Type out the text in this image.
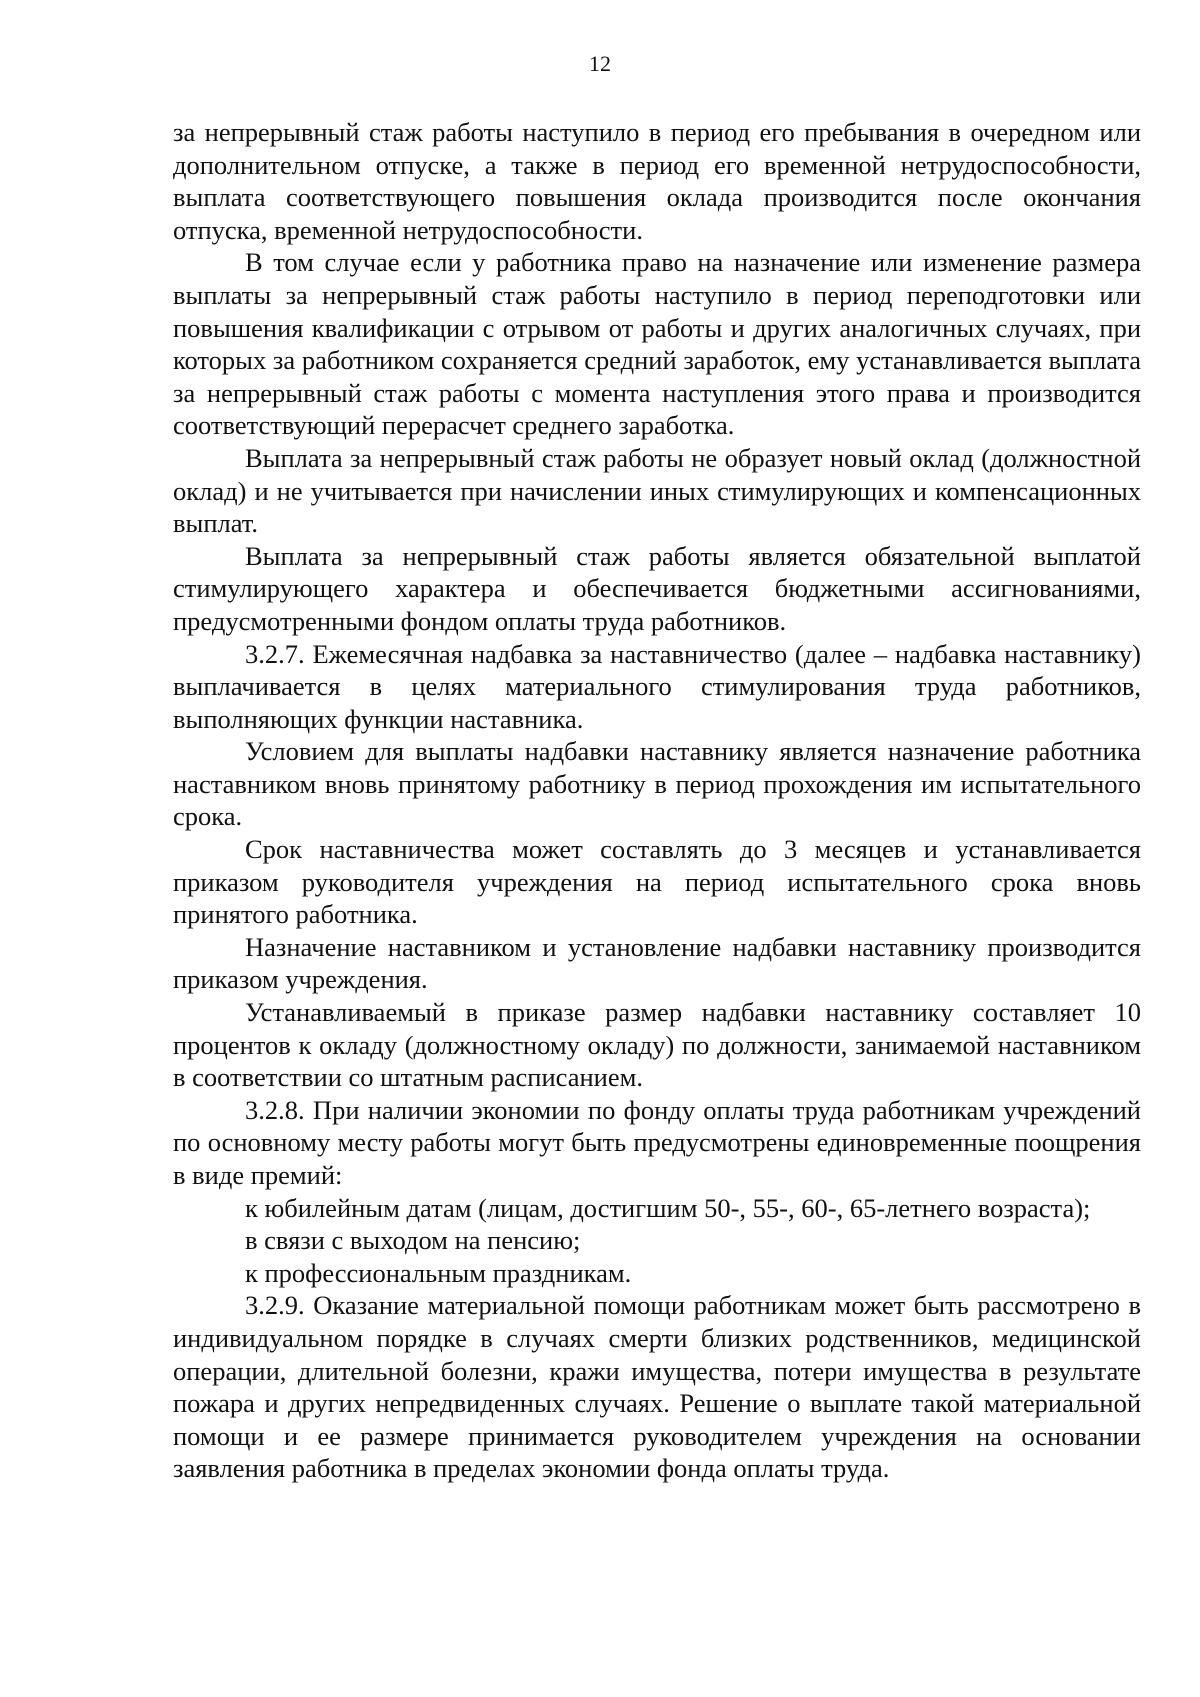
12

за непрерывный стаж работы наступило в период его пребывания в очередном или дополнительном отпуске, а также в период его временной нетрудоспособности, выплата соответствующего повышения оклада производится после окончания отпуска, временной нетрудоспособности.

В том случае если у работника право на назначение или изменение размера выплаты за непрерывный стаж работы наступило в период переподготовки или повышения квалификации с отрывом от работы и других аналогичных случаях, при которых за работником сохраняется средний заработок, ему устанавливается выплата за непрерывный стаж работы с момента наступления этого права и производится соответствующий перерасчет среднего заработка.

Выплата за непрерывный стаж работы не образует новый оклад (должностной оклад) и не учитывается при начислении иных стимулирующих и компенсационных выплат.

Выплата за непрерывный стаж работы является обязательной выплатой стимулирующего характера и обеспечивается бюджетными ассигнованиями, предусмотренными фондом оплаты труда работников.

3.2.7. Ежемесячная надбавка за наставничество (далее – надбавка наставнику) выплачивается в целях материального стимулирования труда работников, выполняющих функции наставника.

Условием для выплаты надбавки наставнику является назначение работника наставником вновь принятому работнику в период прохождения им испытательного срока.

Срок наставничества может составлять до 3 месяцев и устанавливается приказом руководителя учреждения на период испытательного срока вновь принятого работника.

Назначение наставником и установление надбавки наставнику производится приказом учреждения.

Устанавливаемый в приказе размер надбавки наставнику составляет 10 процентов к окладу (должностному окладу) по должности, занимаемой наставником в соответствии со штатным расписанием.

3.2.8. При наличии экономии по фонду оплаты труда работникам учреждений по основному месту работы могут быть предусмотрены единовременные поощрения в виде премий:

к юбилейным датам (лицам, достигшим 50-, 55-, 60-, 65-летнего возраста);

в связи с выходом на пенсию;

к профессиональным праздникам.

3.2.9. Оказание материальной помощи работникам может быть рассмотрено в индивидуальном порядке в случаях смерти близких родственников, медицинской операции, длительной болезни, кражи имущества, потери имущества в результате пожара и других непредвиденных случаях. Решение о выплате такой материальной помощи и ее размере принимается руководителем учреждения на основании заявления работника в пределах экономии фонда оплаты труда.
